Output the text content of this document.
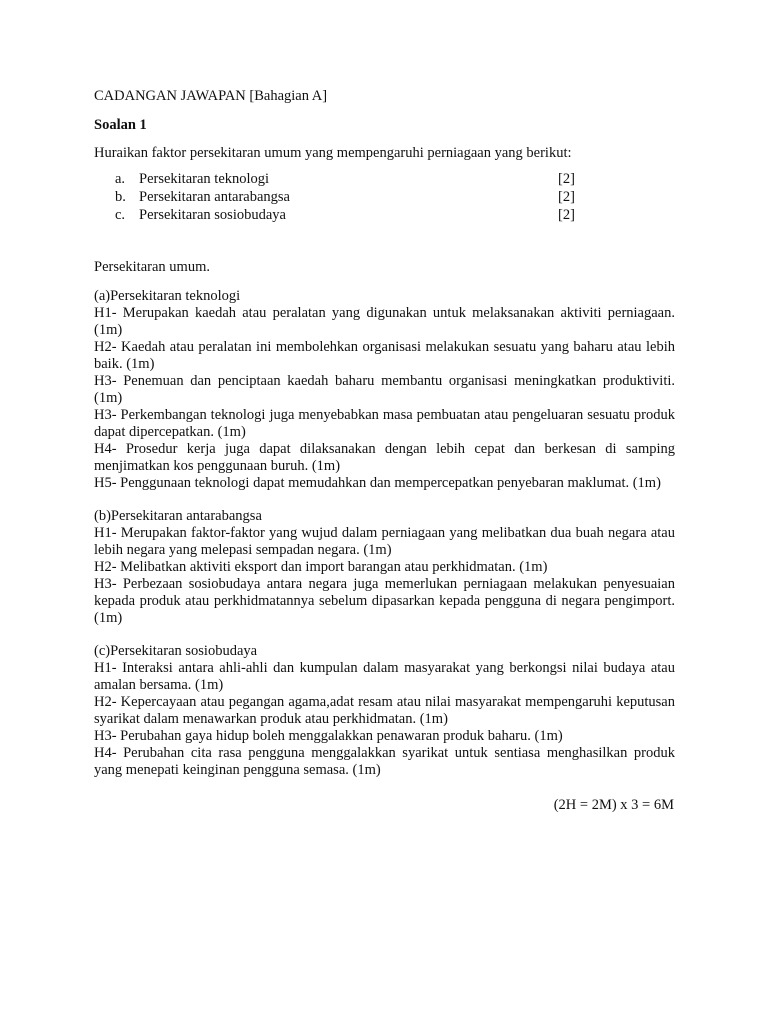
CADANGAN JAWAPAN [Bahagian A]

Soalan 1

Huraikan faktor persekitaran umum yang mempengaruhi perniagaan yang berikut:

a. Persekitaran teknologi	[2]
b. Persekitaran antarabangsa	[2]
c. Persekitaran sosiobudaya	[2]

Persekitaran umum.

(a)Persekitaran teknologi

H1- Merupakan kaedah atau peralatan yang digunakan untuk melaksanakan aktiviti perniagaan. (1m)

H2- Kaedah atau peralatan ini membolehkan organisasi melakukan sesuatu yang baharu atau lebih baik. (1m)

H3- Penemuan dan penciptaan kaedah baharu membantu organisasi meningkatkan produktiviti. (1m)

H3- Perkembangan teknologi juga menyebabkan masa pembuatan atau pengeluaran sesuatu produk dapat dipercepatkan. (1m)

H4- Prosedur kerja juga dapat dilaksanakan dengan lebih cepat dan berkesan di samping menjimatkan kos penggunaan buruh. (1m)

H5- Penggunaan teknologi dapat memudahkan dan mempercepatkan penyebaran maklumat. (1m)

(b)Persekitaran antarabangsa

H1- Merupakan faktor-faktor yang wujud dalam perniagaan yang melibatkan dua buah negara atau lebih negara yang melepasi sempadan negara. (1m)

H2- Melibatkan aktiviti eksport dan import barangan atau perkhidmatan. (1m)

H3- Perbezaan sosiobudaya antara negara juga memerlukan perniagaan melakukan penyesuaian kepada produk atau perkhidmatannya sebelum dipasarkan kepada pengguna di negara pengimport. (1m)

(c)Persekitaran sosiobudaya

H1- Interaksi antara ahli-ahli dan kumpulan dalam masyarakat yang berkongsi nilai budaya atau amalan bersama. (1m)

H2- Kepercayaan atau pegangan agama,adat resam atau nilai masyarakat mempengaruhi keputusan syarikat dalam menawarkan produk atau perkhidmatan. (1m)

H3- Perubahan gaya hidup boleh menggalakkan penawaran produk baharu. (1m)

H4- Perubahan cita rasa pengguna menggalakkan syarikat untuk sentiasa menghasilkan produk yang menepati keinginan pengguna semasa. (1m)

(2H = 2M) x 3 = 6M
